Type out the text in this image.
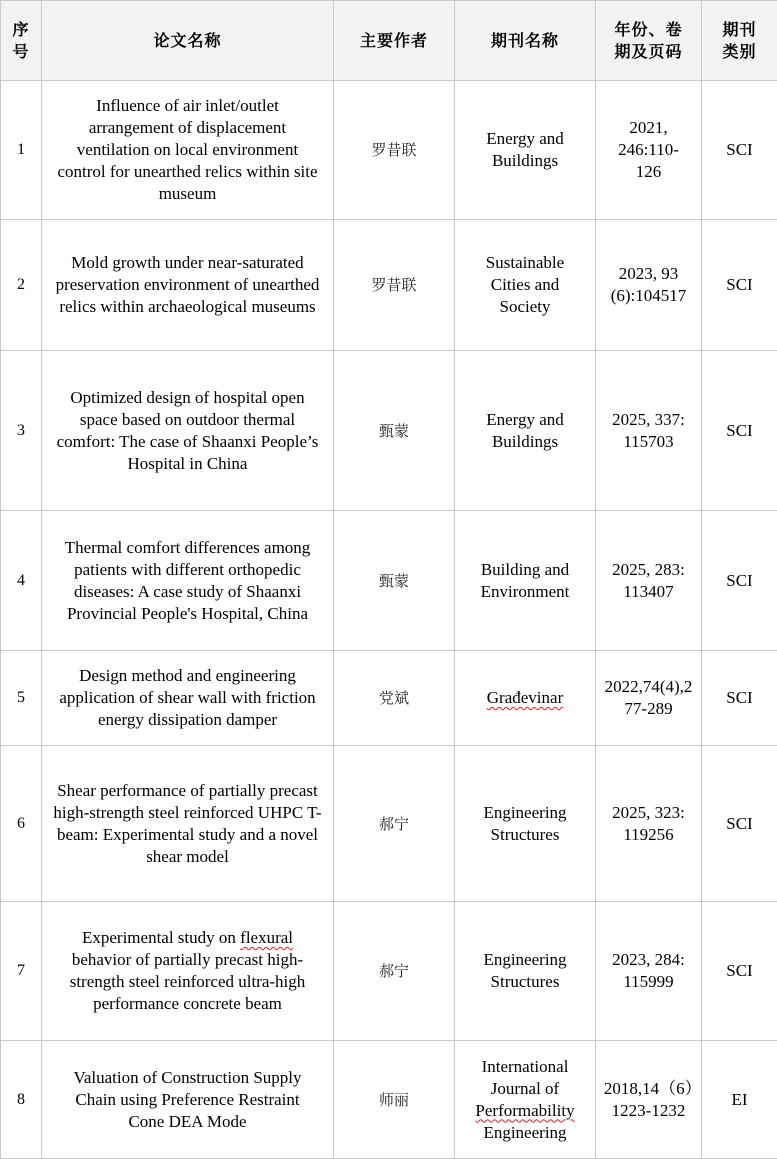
序号	论文名称	主要作者	期刊名称	年份、卷期及页码	期刊类别
1	Influence of air inlet/outlet arrangement of displacement ventilation on local environment control for unearthed relics within site museum	罗昔联	Energy and Buildings	2021, 246:110-126	SCI
2	Mold growth under near-saturated preservation environment of unearthed relics within archaeological museums	罗昔联	Sustainable Cities and Society	2023, 93(6):104517	SCI
3	Optimized design of hospital open space based on outdoor thermal comfort: The case of Shaanxi People’s Hospital in China	甄蒙	Energy and Buildings	2025, 337: 115703	SCI
4	Thermal comfort differences among patients with different orthopedic diseases: A case study of Shaanxi Provincial People's Hospital, China	甄蒙	Building and Environment	2025, 283: 113407	SCI
5	Design method and engineering application of shear wall with friction energy dissipation damper	党斌	Građevinar	2022,74(4),277-289	SCI
6	Shear performance of partially precast high-strength steel reinforced UHPC T-beam: Experimental study and a novel shear model	郝宁	Engineering Structures	2025, 323: 119256	SCI
7	Experimental study on flexural behavior of partially precast high-strength steel reinforced ultra-high performance concrete beam	郝宁	Engineering Structures	2023, 284: 115999	SCI
8	Valuation of Construction Supply Chain using Preference Restraint Cone DEA Mode	师丽	International Journal of Performability Engineering	2018,14（6）1223-1232	EI
